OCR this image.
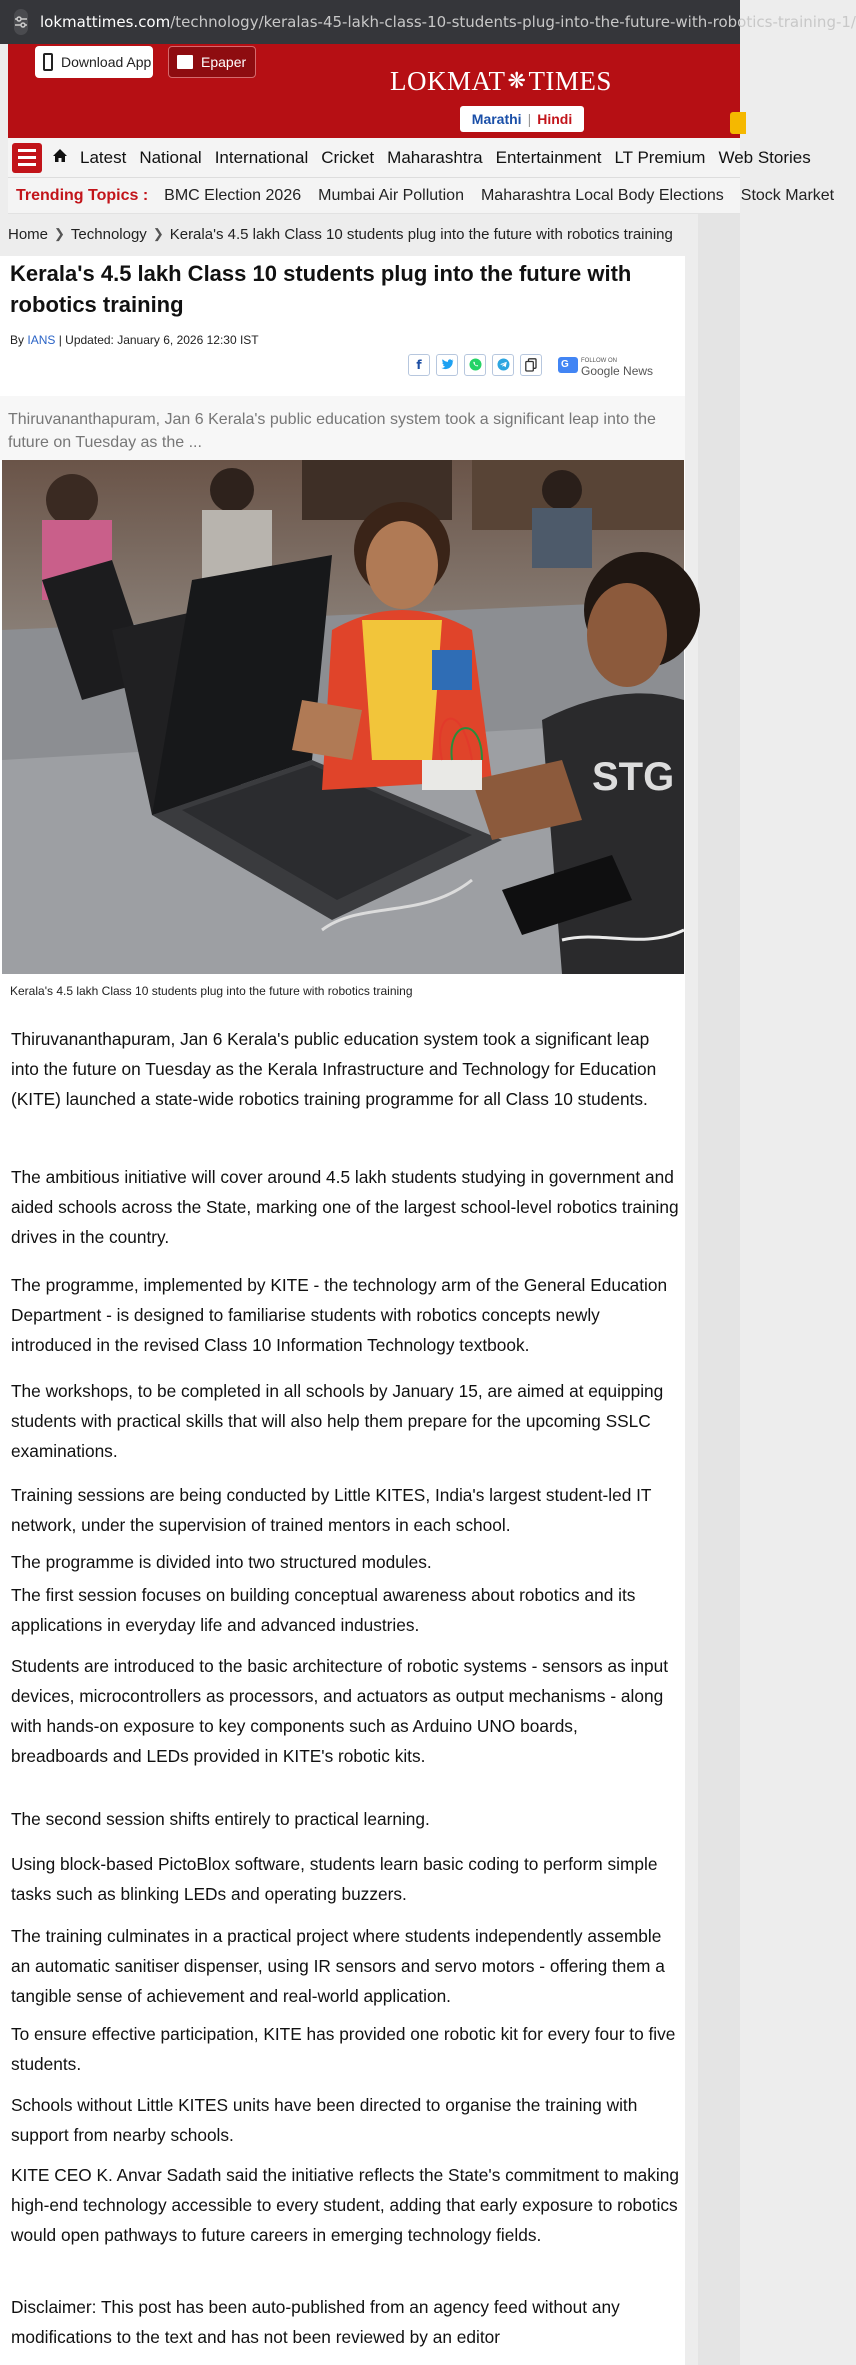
lokmattimes.com/technology/keralas-45-lakh-class-10-students-plug-into-the-future-with-robotics-training-1/
Download App	Epaper
LOKMAT❋TIMES
Marathi | Hindi
Latest National International Cricket Maharashtra Entertainment LT Premium Web Stories
Trending Topics : BMC Election 2026 Mumbai Air Pollution Maharashtra Local Body Elections Stock Market
Home ❯ Technology ❯ Kerala's 4.5 lakh Class 10 students plug into the future with robotics training
Kerala's 4.5 lakh Class 10 students plug into the future with robotics training
By IANS | Updated: January 6, 2026 12:30 IST
f	G FOLLOW ON
Google News

Thiruvananthapuram, Jan 6 Kerala's public education system took a significant leap into the future on Tuesday as the ...

STG
Kerala's 4.5 lakh Class 10 students plug into the future with robotics training

Thiruvananthapuram, Jan 6 Kerala's public education system took a significant leap into the future on Tuesday as the Kerala Infrastructure and Technology for Education (KITE) launched a state-wide robotics training programme for all Class 10 students.

The ambitious initiative will cover around 4.5 lakh students studying in government and aided schools across the State, marking one of the largest school-level robotics training drives in the country.

The programme, implemented by KITE - the technology arm of the General Education Department - is designed to familiarise students with robotics concepts newly introduced in the revised Class 10 Information Technology textbook.

The workshops, to be completed in all schools by January 15, are aimed at equipping students with practical skills that will also help them prepare for the upcoming SSLC examinations.

Training sessions are being conducted by Little KITES, India's largest student-led IT network, under the supervision of trained mentors in each school.

The programme is divided into two structured modules.

The first session focuses on building conceptual awareness about robotics and its applications in everyday life and advanced industries.

Students are introduced to the basic architecture of robotic systems - sensors as input devices, microcontrollers as processors, and actuators as output mechanisms - along with hands-on exposure to key components such as Arduino UNO boards, breadboards and LEDs provided in KITE's robotic kits.

The second session shifts entirely to practical learning.

Using block-based PictoBlox software, students learn basic coding to perform simple tasks such as blinking LEDs and operating buzzers.

The training culminates in a practical project where students independently assemble an automatic sanitiser dispenser, using IR sensors and servo motors - offering them a tangible sense of achievement and real-world application.

To ensure effective participation, KITE has provided one robotic kit for every four to five students.

Schools without Little KITES units have been directed to organise the training with support from nearby schools.

KITE CEO K. Anvar Sadath said the initiative reflects the State's commitment to making high-end technology accessible to every student, adding that early exposure to robotics would open pathways to future careers in emerging technology fields.

Disclaimer: This post has been auto-published from an agency feed without any modifications to the text and has not been reviewed by an editor
